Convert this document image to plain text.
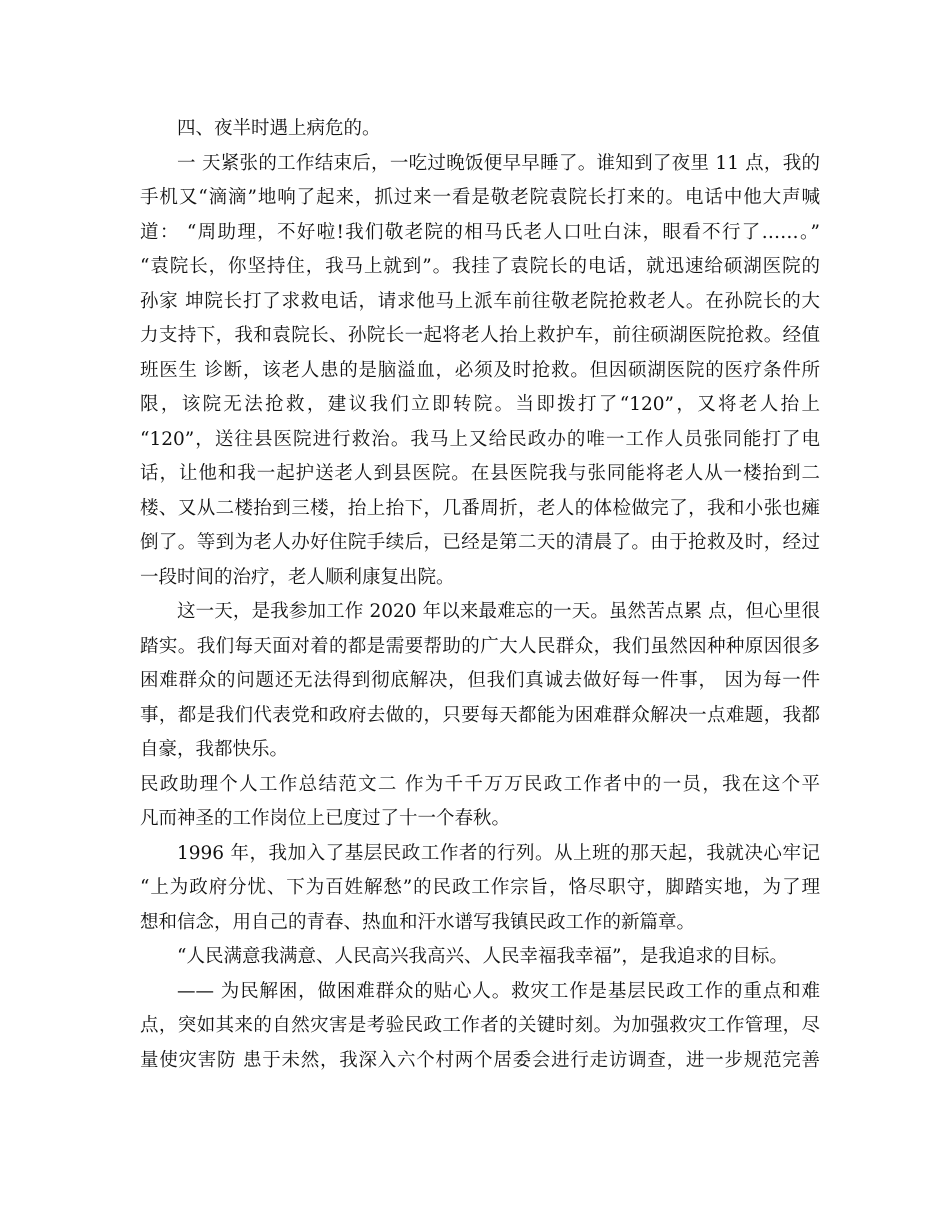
四、夜半时遇上病危的。
一 天紧张的工作结束后，一吃过晚饭便早早睡了。谁知到了夜里 11 点，我的
手机又“滴滴”地响了起来，抓过来一看是敬老院袁院长打来的。电话中他大声喊
道： “周助理，不好啦!我们敬老院的相马氏老人口吐白沫，眼看不行了……。”
“袁院长，你坚持住，我马上就到”。我挂了袁院长的电话，就迅速给硕湖医院的
孙家 坤院长打了求救电话，请求他马上派车前往敬老院抢救老人。在孙院长的大
力支持下，我和袁院长、孙院长一起将老人抬上救护车，前往硕湖医院抢救。经值
班医生 诊断，该老人患的是脑溢血，必须及时抢救。但因硕湖医院的医疗条件所
限，该院无法抢救，建议我们立即转院。当即拨打了“120”，又将老人抬上
“120”，送往县医院进行救治。我马上又给民政办的唯一工作人员张同能打了电
话，让他和我一起护送老人到县医院。在县医院我与张同能将老人从一楼抬到二
楼、又从二楼抬到三楼，抬上抬下，几番周折，老人的体检做完了，我和小张也瘫
倒了。等到为老人办好住院手续后，已经是第二天的清晨了。由于抢救及时，经过
一段时间的治疗，老人顺利康复出院。
这一天，是我参加工作 2020 年以来最难忘的一天。虽然苦点累 点，但心里很
踏实。我们每天面对着的都是需要帮助的广大人民群众，我们虽然因种种原因很多
困难群众的问题还无法得到彻底解决，但我们真诚去做好每一件事， 因为每一件
事，都是我们代表党和政府去做的，只要每天都能为困难群众解决一点难题，我都
自豪，我都快乐。
民政助理个人工作总结范文二 作为千千万万民政工作者中的一员，我在这个平
凡而神圣的工作岗位上已度过了十一个春秋。
1996 年，我加入了基层民政工作者的行列。从上班的那天起，我就决心牢记
“上为政府分忧、下为百姓解愁”的民政工作宗旨，恪尽职守，脚踏实地，为了理
想和信念，用自己的青春、热血和汗水谱写我镇民政工作的新篇章。
“人民满意我满意、人民高兴我高兴、人民幸福我幸福”，是我追求的目标。
—— 为民解困，做困难群众的贴心人。救灾工作是基层民政工作的重点和难
点，突如其来的自然灾害是考验民政工作者的关键时刻。为加强救灾工作管理，尽
量使灾害防 患于未然，我深入六个村两个居委会进行走访调查，进一步规范完善
